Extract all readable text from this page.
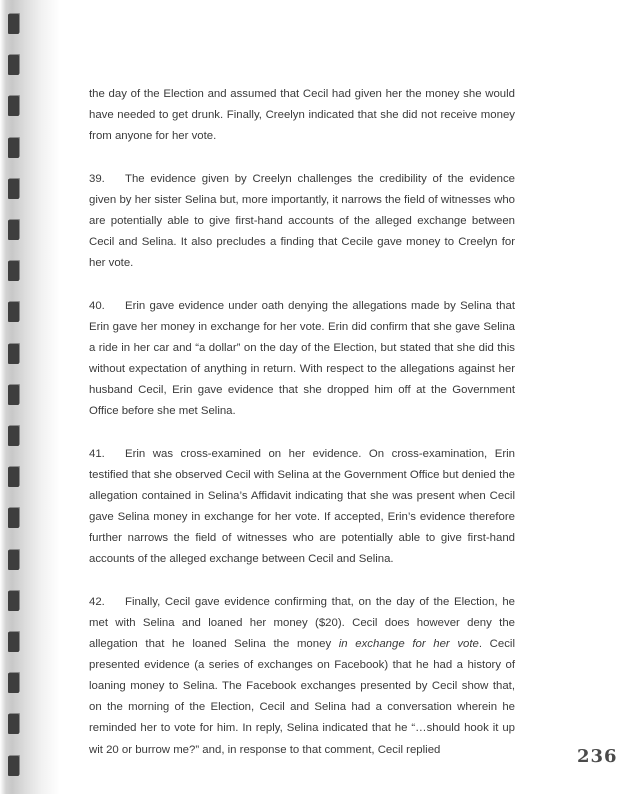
the day of the Election and assumed that Cecil had given her the money she would have needed to get drunk. Finally, Creelyn indicated that she did not receive money from anyone for her vote.

39. The evidence given by Creelyn challenges the credibility of the evidence given by her sister Selina but, more importantly, it narrows the field of witnesses who are potentially able to give first-hand accounts of the alleged exchange between Cecil and Selina. It also precludes a finding that Cecile gave money to Creelyn for her vote.

40. Erin gave evidence under oath denying the allegations made by Selina that Erin gave her money in exchange for her vote. Erin did confirm that she gave Selina a ride in her car and “a dollar” on the day of the Election, but stated that she did this without expectation of anything in return. With respect to the allegations against her husband Cecil, Erin gave evidence that she dropped him off at the Government Office before she met Selina.

41. Erin was cross-examined on her evidence. On cross-examination, Erin testified that she observed Cecil with Selina at the Government Office but denied the allegation contained in Selina’s Affidavit indicating that she was present when Cecil gave Selina money in exchange for her vote. If accepted, Erin’s evidence therefore further narrows the field of witnesses who are potentially able to give first-hand accounts of the alleged exchange between Cecil and Selina.

42. Finally, Cecil gave evidence confirming that, on the day of the Election, he met with Selina and loaned her money ($20). Cecil does however deny the allegation that he loaned Selina the money in exchange for her vote. Cecil presented evidence (a series of exchanges on Facebook) that he had a history of loaning money to Selina. The Facebook exchanges presented by Cecil show that, on the morning of the Election, Cecil and Selina had a conversation wherein he reminded her to vote for him. In reply, Selina indicated that he “…should hook it up wit 20 or burrow me?” and, in response to that comment, Cecil replied	236
